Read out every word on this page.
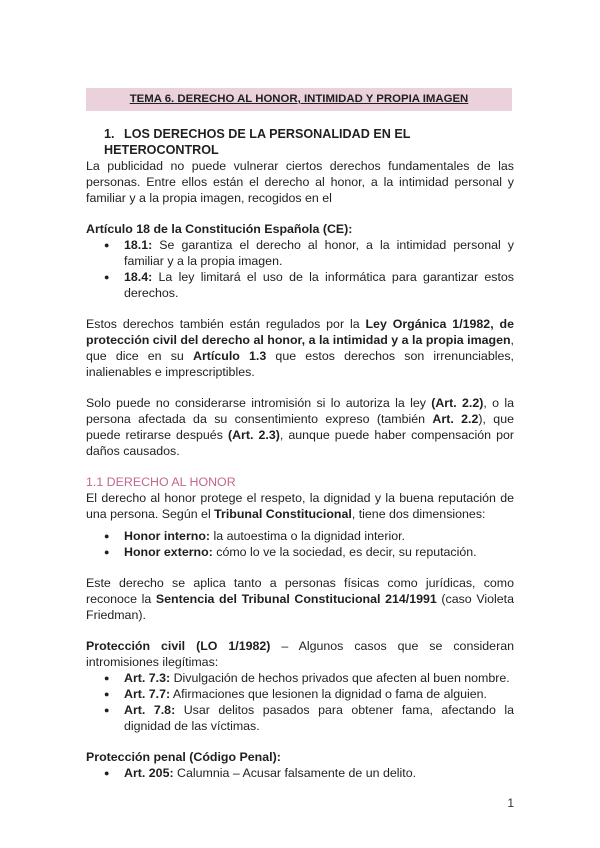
TEMA 6. DERECHO AL HONOR, INTIMIDAD Y PROPIA IMAGEN
1. LOS DERECHOS DE LA PERSONALIDAD EN EL HETEROCONTROL

La publicidad no puede vulnerar ciertos derechos fundamentales de las personas. Entre ellos están el derecho al honor, a la intimidad personal y familiar y a la propia imagen, recogidos en el

Artículo 18 de la Constitución Española (CE):

● 18.1: Se garantiza el derecho al honor, a la intimidad personal y familiar y a la propia imagen.
● 18.4: La ley limitará el uso de la informática para garantizar estos derechos.

Estos derechos también están regulados por la Ley Orgánica 1/1982, de protección civil del derecho al honor, a la intimidad y a la propia imagen, que dice en su Artículo 1.3 que estos derechos son irrenunciables, inalienables e imprescriptibles.

Solo puede no considerarse intromisión si lo autoriza la ley (Art. 2.2), o la persona afectada da su consentimiento expreso (también Art. 2.2), que puede retirarse después (Art. 2.3), aunque puede haber compensación por daños causados.

1.1 DERECHO AL HONOR

El derecho al honor protege el respeto, la dignidad y la buena reputación de una persona. Según el Tribunal Constitucional, tiene dos dimensiones:

● Honor interno: la autoestima o la dignidad interior.
● Honor externo: cómo lo ve la sociedad, es decir, su reputación.

Este derecho se aplica tanto a personas físicas como jurídicas, como reconoce la Sentencia del Tribunal Constitucional 214/1991 (caso Violeta Friedman).

Protección civil (LO 1/1982) – Algunos casos que se consideran intromisiones ilegítimas:

● Art. 7.3: Divulgación de hechos privados que afecten al buen nombre.
● Art. 7.7: Afirmaciones que lesionen la dignidad o fama de alguien.
● Art. 7.8: Usar delitos pasados para obtener fama, afectando la dignidad de las víctimas.

Protección penal (Código Penal):

● Art. 205: Calumnia – Acusar falsamente de un delito.
1
